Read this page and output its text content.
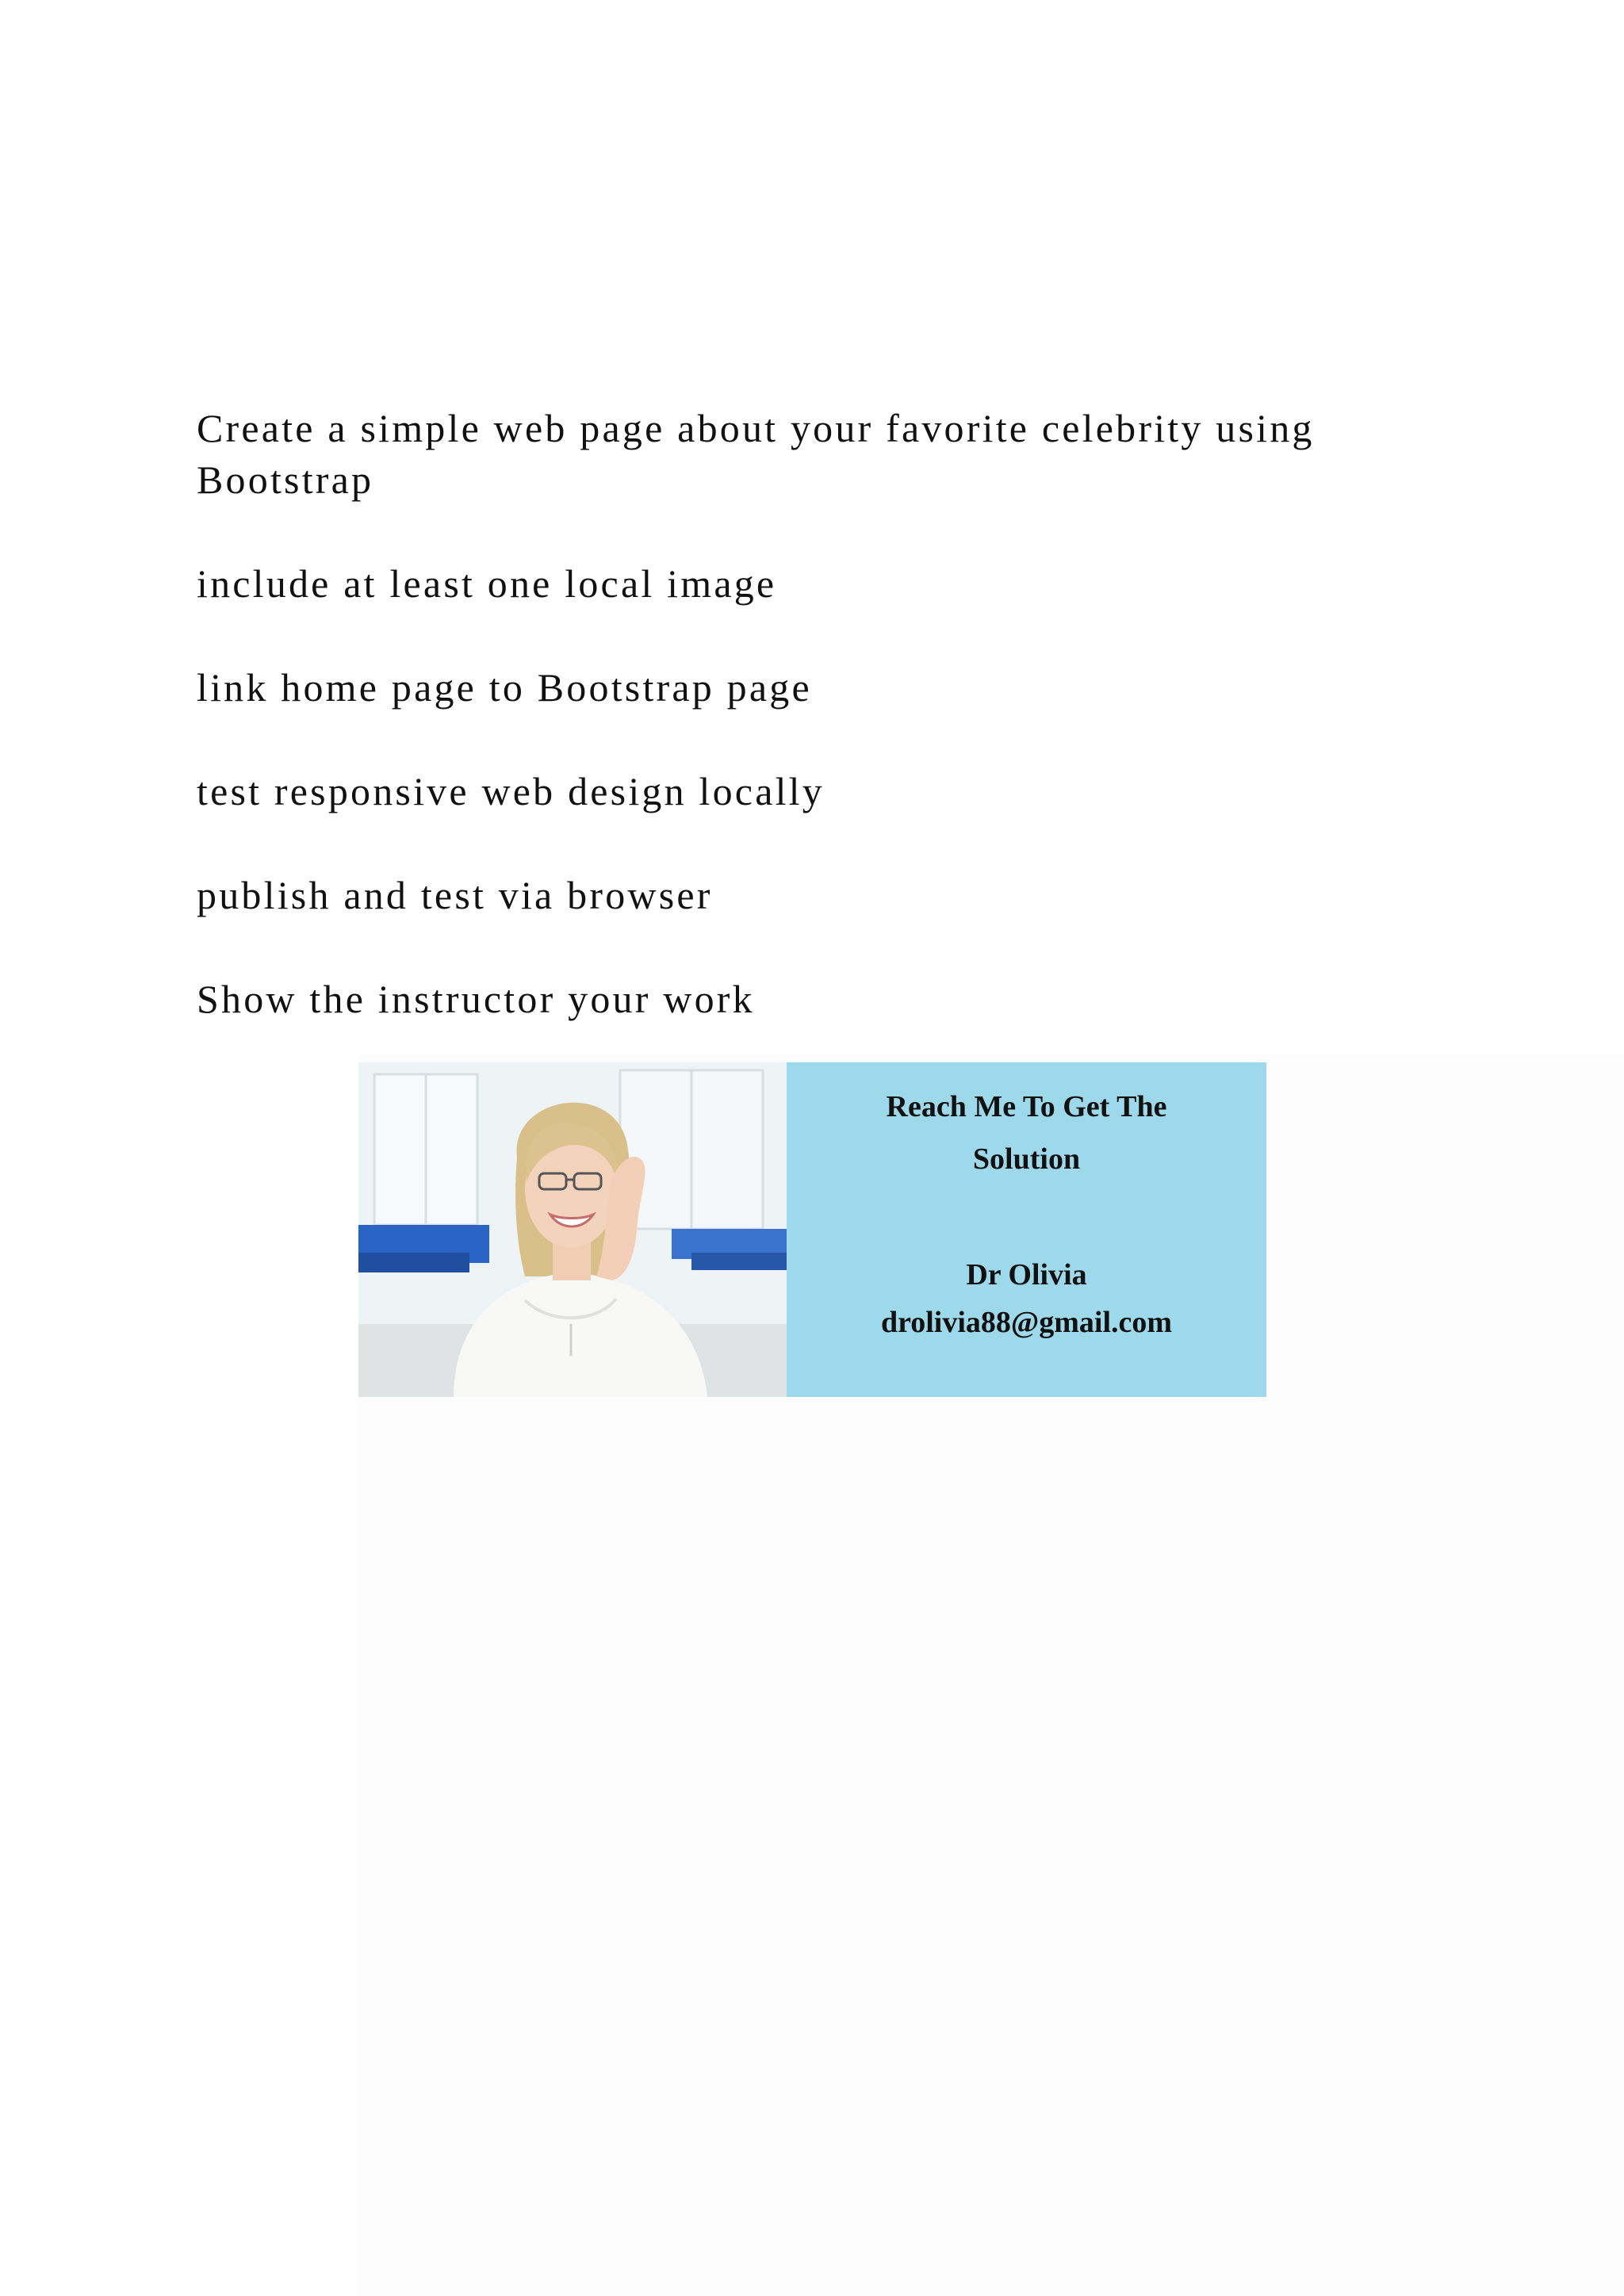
Create a simple web page about your favorite celebrity using Bootstrap
include at least one local image
link home page to Bootstrap page
test responsive web design locally
publish and test via browser
Show the instructor your work
Reach Me To Get The
Solution
Dr Olivia
drolivia88@gmail.com
